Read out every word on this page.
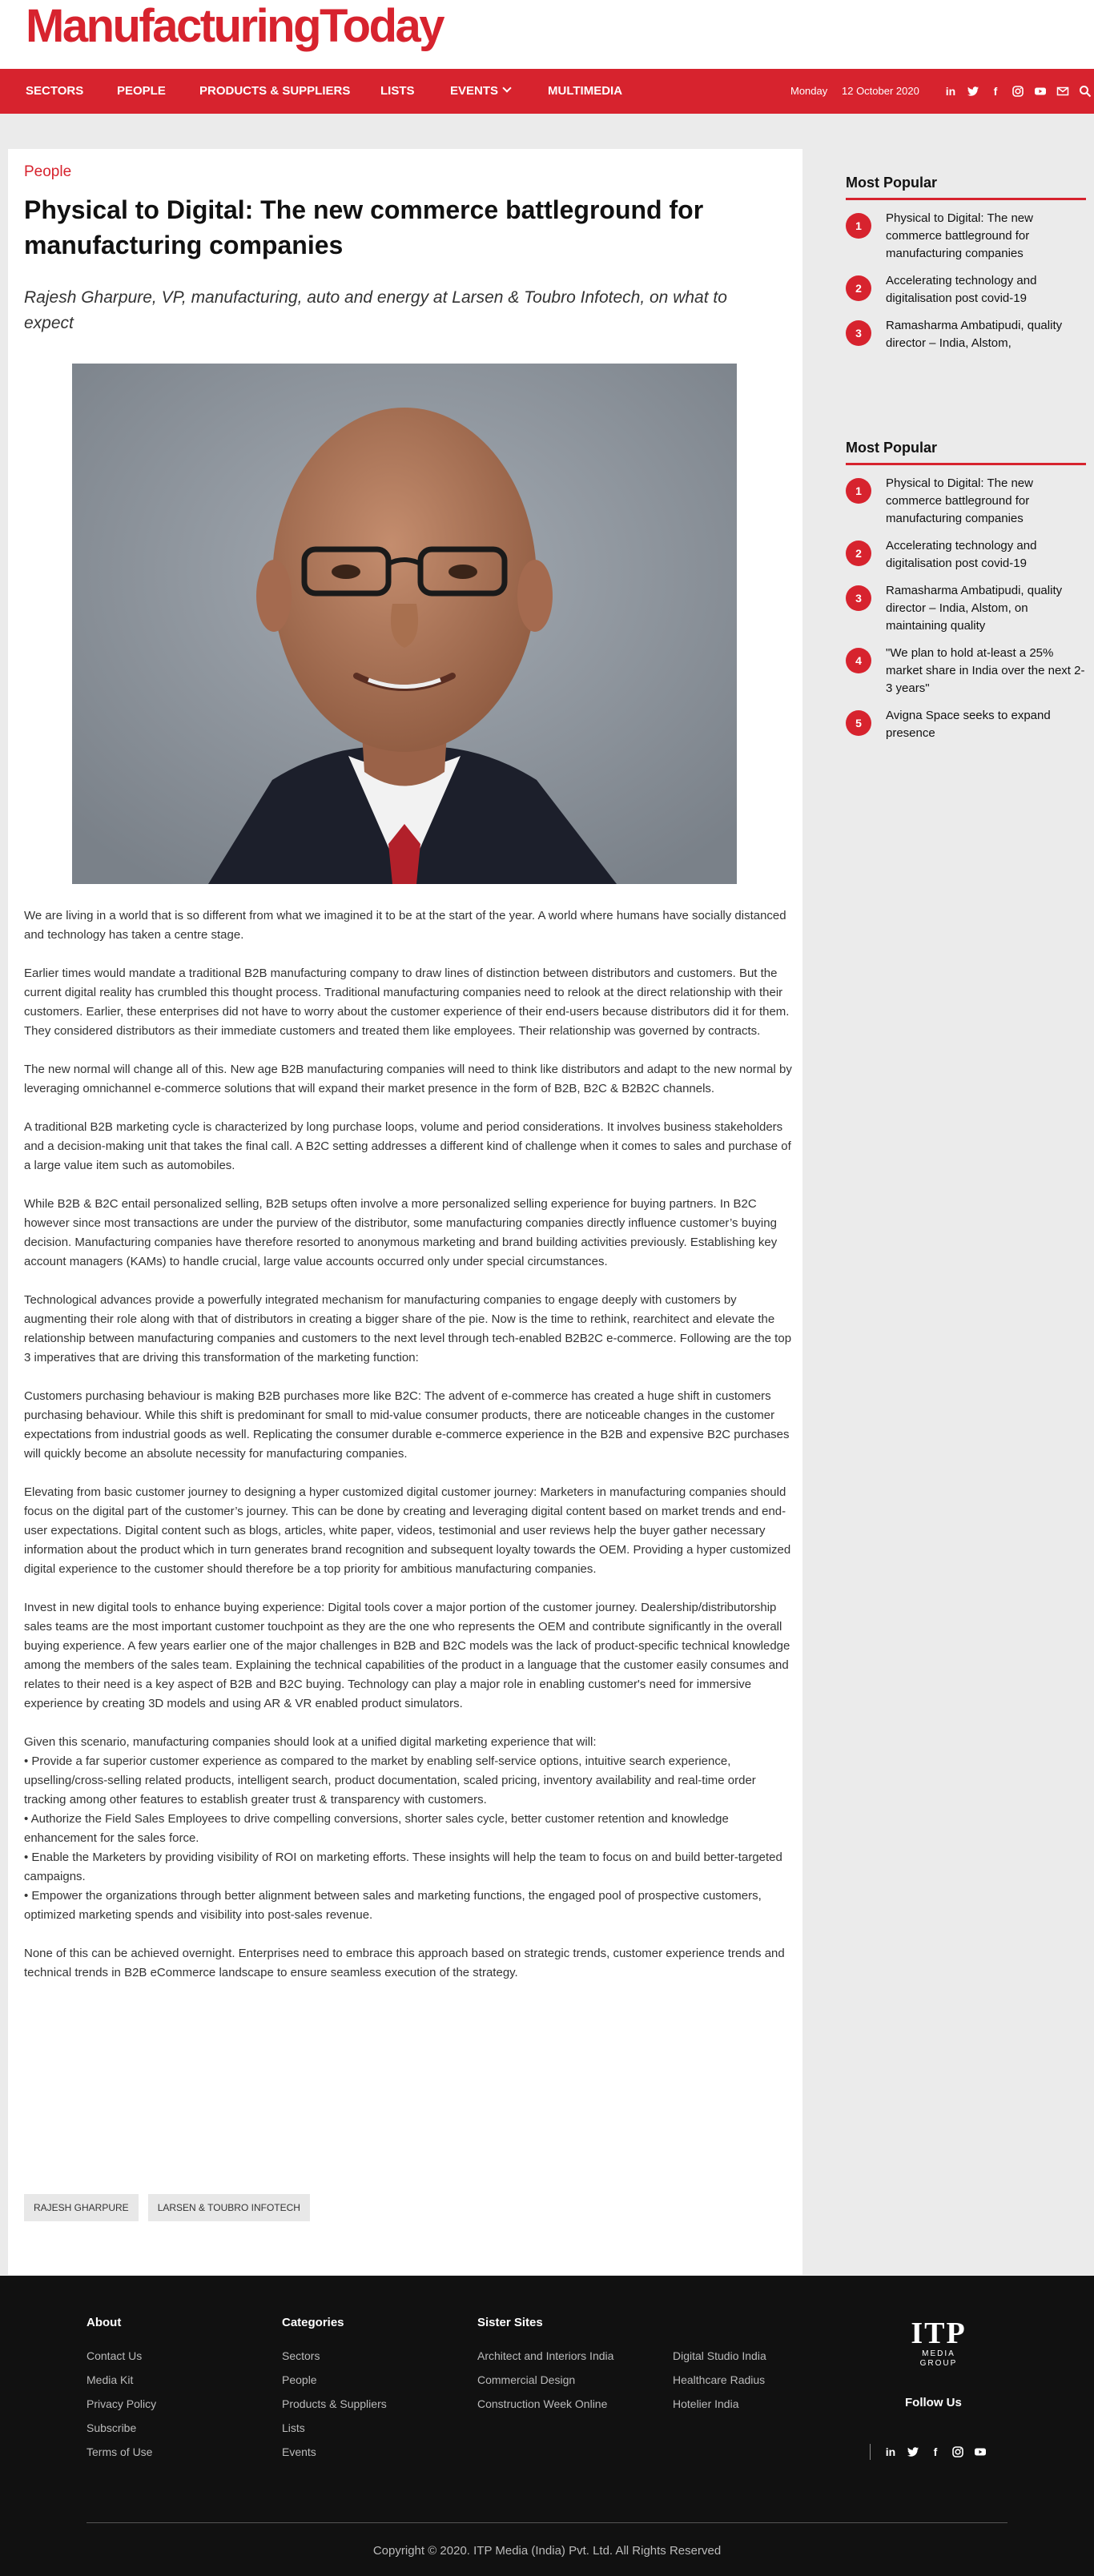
ManufacturingToday
SECTORS	PEOPLE	PRODUCTS & SUPPLIERS	LISTS	EVENTS	MULTIMEDIA	Monday 12 October 2020 in	f
People
Physical to Digital: The new commerce battleground for manufacturing companies
Rajesh Gharpure, VP, manufacturing, auto and energy at Larsen & Toubro Infotech, on what to expect

We are living in a world that is so different from what we imagined it to be at the start of the year. A world where humans have socially distanced and technology has taken a centre stage.

Earlier times would mandate a traditional B2B manufacturing company to draw lines of distinction between distributors and customers. But the current digital reality has crumbled this thought process. Traditional manufacturing companies need to relook at the direct relationship with their customers. Earlier, these enterprises did not have to worry about the customer experience of their end-users because distributors did it for them. They considered distributors as their immediate customers and treated them like employees. Their relationship was governed by contracts.

The new normal will change all of this. New age B2B manufacturing companies will need to think like distributors and adapt to the new normal by leveraging omnichannel e-commerce solutions that will expand their market presence in the form of B2B, B2C & B2B2C channels.

A traditional B2B marketing cycle is characterized by long purchase loops, volume and period considerations. It involves business stakeholders and a decision-making unit that takes the final call. A B2C setting addresses a different kind of challenge when it comes to sales and purchase of a large value item such as automobiles.

While B2B & B2C entail personalized selling, B2B setups often involve a more personalized selling experience for buying partners. In B2C however since most transactions are under the purview of the distributor, some manufacturing companies directly influence customer’s buying decision. Manufacturing companies have therefore resorted to anonymous marketing and brand building activities previously. Establishing key account managers (KAMs) to handle crucial, large value accounts occurred only under special circumstances.

Technological advances provide a powerfully integrated mechanism for manufacturing companies to engage deeply with customers by augmenting their role along with that of distributors in creating a bigger share of the pie. Now is the time to rethink, rearchitect and elevate the relationship between manufacturing companies and customers to the next level through tech-enabled B2B2C e-commerce. Following are the top 3 imperatives that are driving this transformation of the marketing function:

Customers purchasing behaviour is making B2B purchases more like B2C: The advent of e-commerce has created a huge shift in customers purchasing behaviour. While this shift is predominant for small to mid-value consumer products, there are noticeable changes in the customer expectations from industrial goods as well. Replicating the consumer durable e-commerce experience in the B2B and expensive B2C purchases will quickly become an absolute necessity for manufacturing companies.

Elevating from basic customer journey to designing a hyper customized digital customer journey: Marketers in manufacturing companies should focus on the digital part of the customer’s journey. This can be done by creating and leveraging digital content based on market trends and end-user expectations. Digital content such as blogs, articles, white paper, videos, testimonial and user reviews help the buyer gather necessary information about the product which in turn generates brand recognition and subsequent loyalty towards the OEM. Providing a hyper customized digital experience to the customer should therefore be a top priority for ambitious manufacturing companies.

Invest in new digital tools to enhance buying experience: Digital tools cover a major portion of the customer journey. Dealership/distributorship sales teams are the most important customer touchpoint as they are the one who represents the OEM and contribute significantly in the overall buying experience. A few years earlier one of the major challenges in B2B and B2C models was the lack of product-specific technical knowledge among the members of the sales team. Explaining the technical capabilities of the product in a language that the customer easily consumes and relates to their need is a key aspect of B2B and B2C buying. Technology can play a major role in enabling customer's need for immersive experience by creating 3D models and using AR & VR enabled product simulators.

Given this scenario, manufacturing companies should look at a unified digital marketing experience that will:
• Provide a far superior customer experience as compared to the market by enabling self-service options, intuitive search experience, upselling/cross-selling related products, intelligent search, product documentation, scaled pricing, inventory availability and real-time order tracking among other features to establish greater trust & transparency with customers.
• Authorize the Field Sales Employees to drive compelling conversions, shorter sales cycle, better customer retention and knowledge enhancement for the sales force.
• Enable the Marketers by providing visibility of ROI on marketing efforts. These insights will help the team to focus on and build better-targeted campaigns.
• Empower the organizations through better alignment between sales and marketing functions, the engaged pool of prospective customers, optimized marketing spends and visibility into post-sales revenue.

None of this can be achieved overnight. Enterprises need to embrace this approach based on strategic trends, customer experience trends and technical trends in B2B eCommerce landscape to ensure seamless execution of the strategy.

RAJESH GHARPURE	LARSEN & TOUBRO INFOTECH
Most Popular
1
Physical to Digital: The new commerce battleground for manufacturing companies
2
Accelerating technology and digitalisation post covid-19
3
Ramasharma Ambatipudi, quality director – India, Alstom,
Most Popular
1
Physical to Digital: The new commerce battleground for manufacturing companies
2
Accelerating technology and digitalisation post covid-19
3
Ramasharma Ambatipudi, quality director – India, Alstom, on maintaining quality
4
"We plan to hold at-least a 25% market share in India over the next 2-3 years"
5
Avigna Space seeks to expand presence
About
Contact Us
Media Kit
Privacy Policy
Subscribe
Terms of Use
Categories
Sectors
People
Products & Suppliers
Lists
Events
Sister Sites
Architect and Interiors India
Commercial Design
Construction Week Online
Digital Studio India
Healthcare Radius
Hotelier India
ITP
MEDIA
GROUP
Follow Us
in	f
Copyright © 2020. ITP Media (India) Pvt. Ltd. All Rights Reserved
